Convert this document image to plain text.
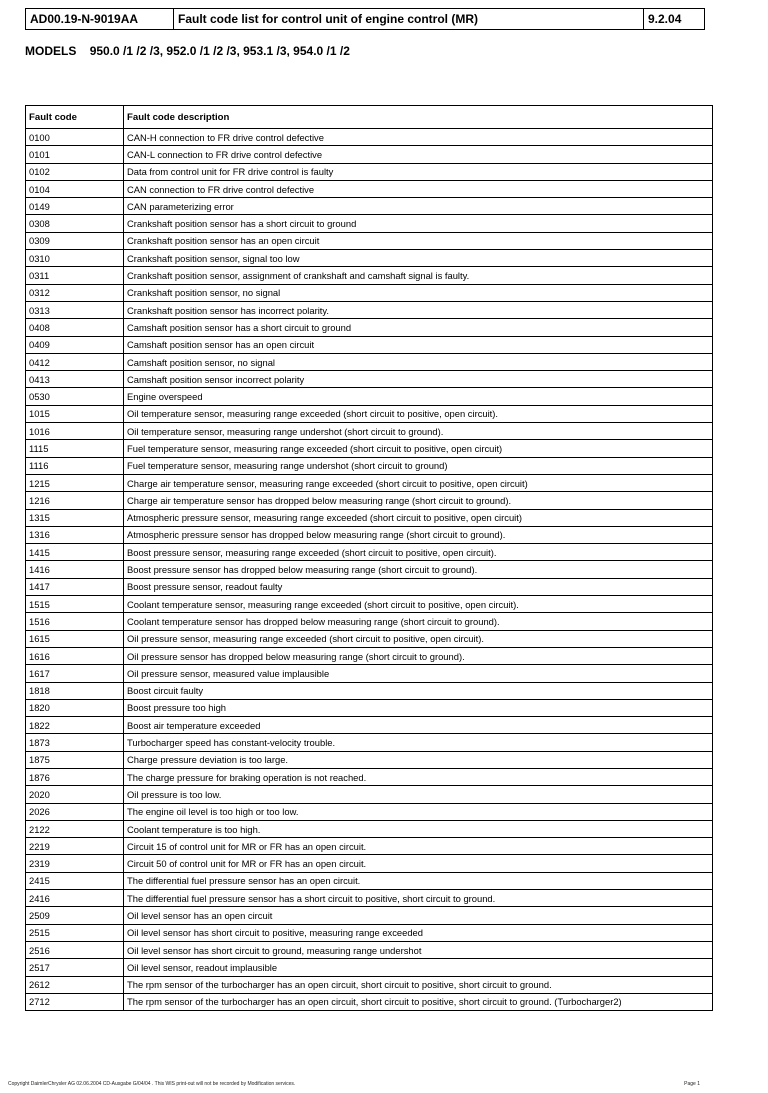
AD00.19-N-9019AA	Fault code list for control unit of engine control (MR)	9.2.04
MODELS 950.0 /1 /2 /3, 952.0 /1 /2 /3, 953.1 /3, 954.0 /1 /2
Fault code	Fault code description
0100	CAN-H connection to FR drive control defective
0101	CAN-L connection to FR drive control defective
0102	Data from control unit for FR drive control is faulty
0104	CAN connection to FR drive control defective
0149	CAN parameterizing error
0308	Crankshaft position sensor has a short circuit to ground
0309	Crankshaft position sensor has an open circuit
0310	Crankshaft position sensor, signal too low
0311	Crankshaft position sensor, assignment of crankshaft and camshaft signal is faulty.
0312	Crankshaft position sensor, no signal
0313	Crankshaft position sensor has incorrect polarity.
0408	Camshaft position sensor has a short circuit to ground
0409	Camshaft position sensor has an open circuit
0412	Camshaft position sensor, no signal
0413	Camshaft position sensor incorrect polarity
0530	Engine overspeed
1015	Oil temperature sensor, measuring range exceeded (short circuit to positive, open circuit).
1016	Oil temperature sensor, measuring range undershot (short circuit to ground).
1115	Fuel temperature sensor, measuring range exceeded (short circuit to positive, open circuit)
1116	Fuel temperature sensor, measuring range undershot (short circuit to ground)
1215	Charge air temperature sensor, measuring range exceeded (short circuit to positive, open circuit)
1216	Charge air temperature sensor has dropped below measuring range (short circuit to ground).
1315	Atmospheric pressure sensor, measuring range exceeded (short circuit to positive, open circuit)
1316	Atmospheric pressure sensor has dropped below measuring range (short circuit to ground).
1415	Boost pressure sensor, measuring range exceeded (short circuit to positive, open circuit).
1416	Boost pressure sensor has dropped below measuring range (short circuit to ground).
1417	Boost pressure sensor, readout faulty
1515	Coolant temperature sensor, measuring range exceeded (short circuit to positive, open circuit).
1516	Coolant temperature sensor has dropped below measuring range (short circuit to ground).
1615	Oil pressure sensor, measuring range exceeded (short circuit to positive, open circuit).
1616	Oil pressure sensor has dropped below measuring range (short circuit to ground).
1617	Oil pressure sensor, measured value implausible
1818	Boost circuit faulty
1820	Boost pressure too high
1822	Boost air temperature exceeded
1873	Turbocharger speed has constant-velocity trouble.
1875	Charge pressure deviation is too large.
1876	The charge pressure for braking operation is not reached.
2020	Oil pressure is too low.
2026	The engine oil level is too high or too low.
2122	Coolant temperature is too high.
2219	Circuit 15 of control unit for MR or FR has an open circuit.
2319	Circuit 50 of control unit for MR or FR has an open circuit.
2415	The differential fuel pressure sensor has an open circuit.
2416	The differential fuel pressure sensor has a short circuit to positive, short circuit to ground.
2509	Oil level sensor has an open circuit
2515	Oil level sensor has short circuit to positive, measuring range exceeded
2516	Oil level sensor has short circuit to ground, measuring range undershot
2517	Oil level sensor, readout implausible
2612	The rpm sensor of the turbocharger has an open circuit, short circuit to positive, short circuit to ground.
2712	The rpm sensor of the turbocharger has an open circuit, short circuit to positive, short circuit to ground. (Turbocharger2)
Copyright DaimlerChrysler AG 02.06.2004 CD-Ausgabe G/04/04 . This WIS print-out will not be recorded by Modification services.	Page 1
